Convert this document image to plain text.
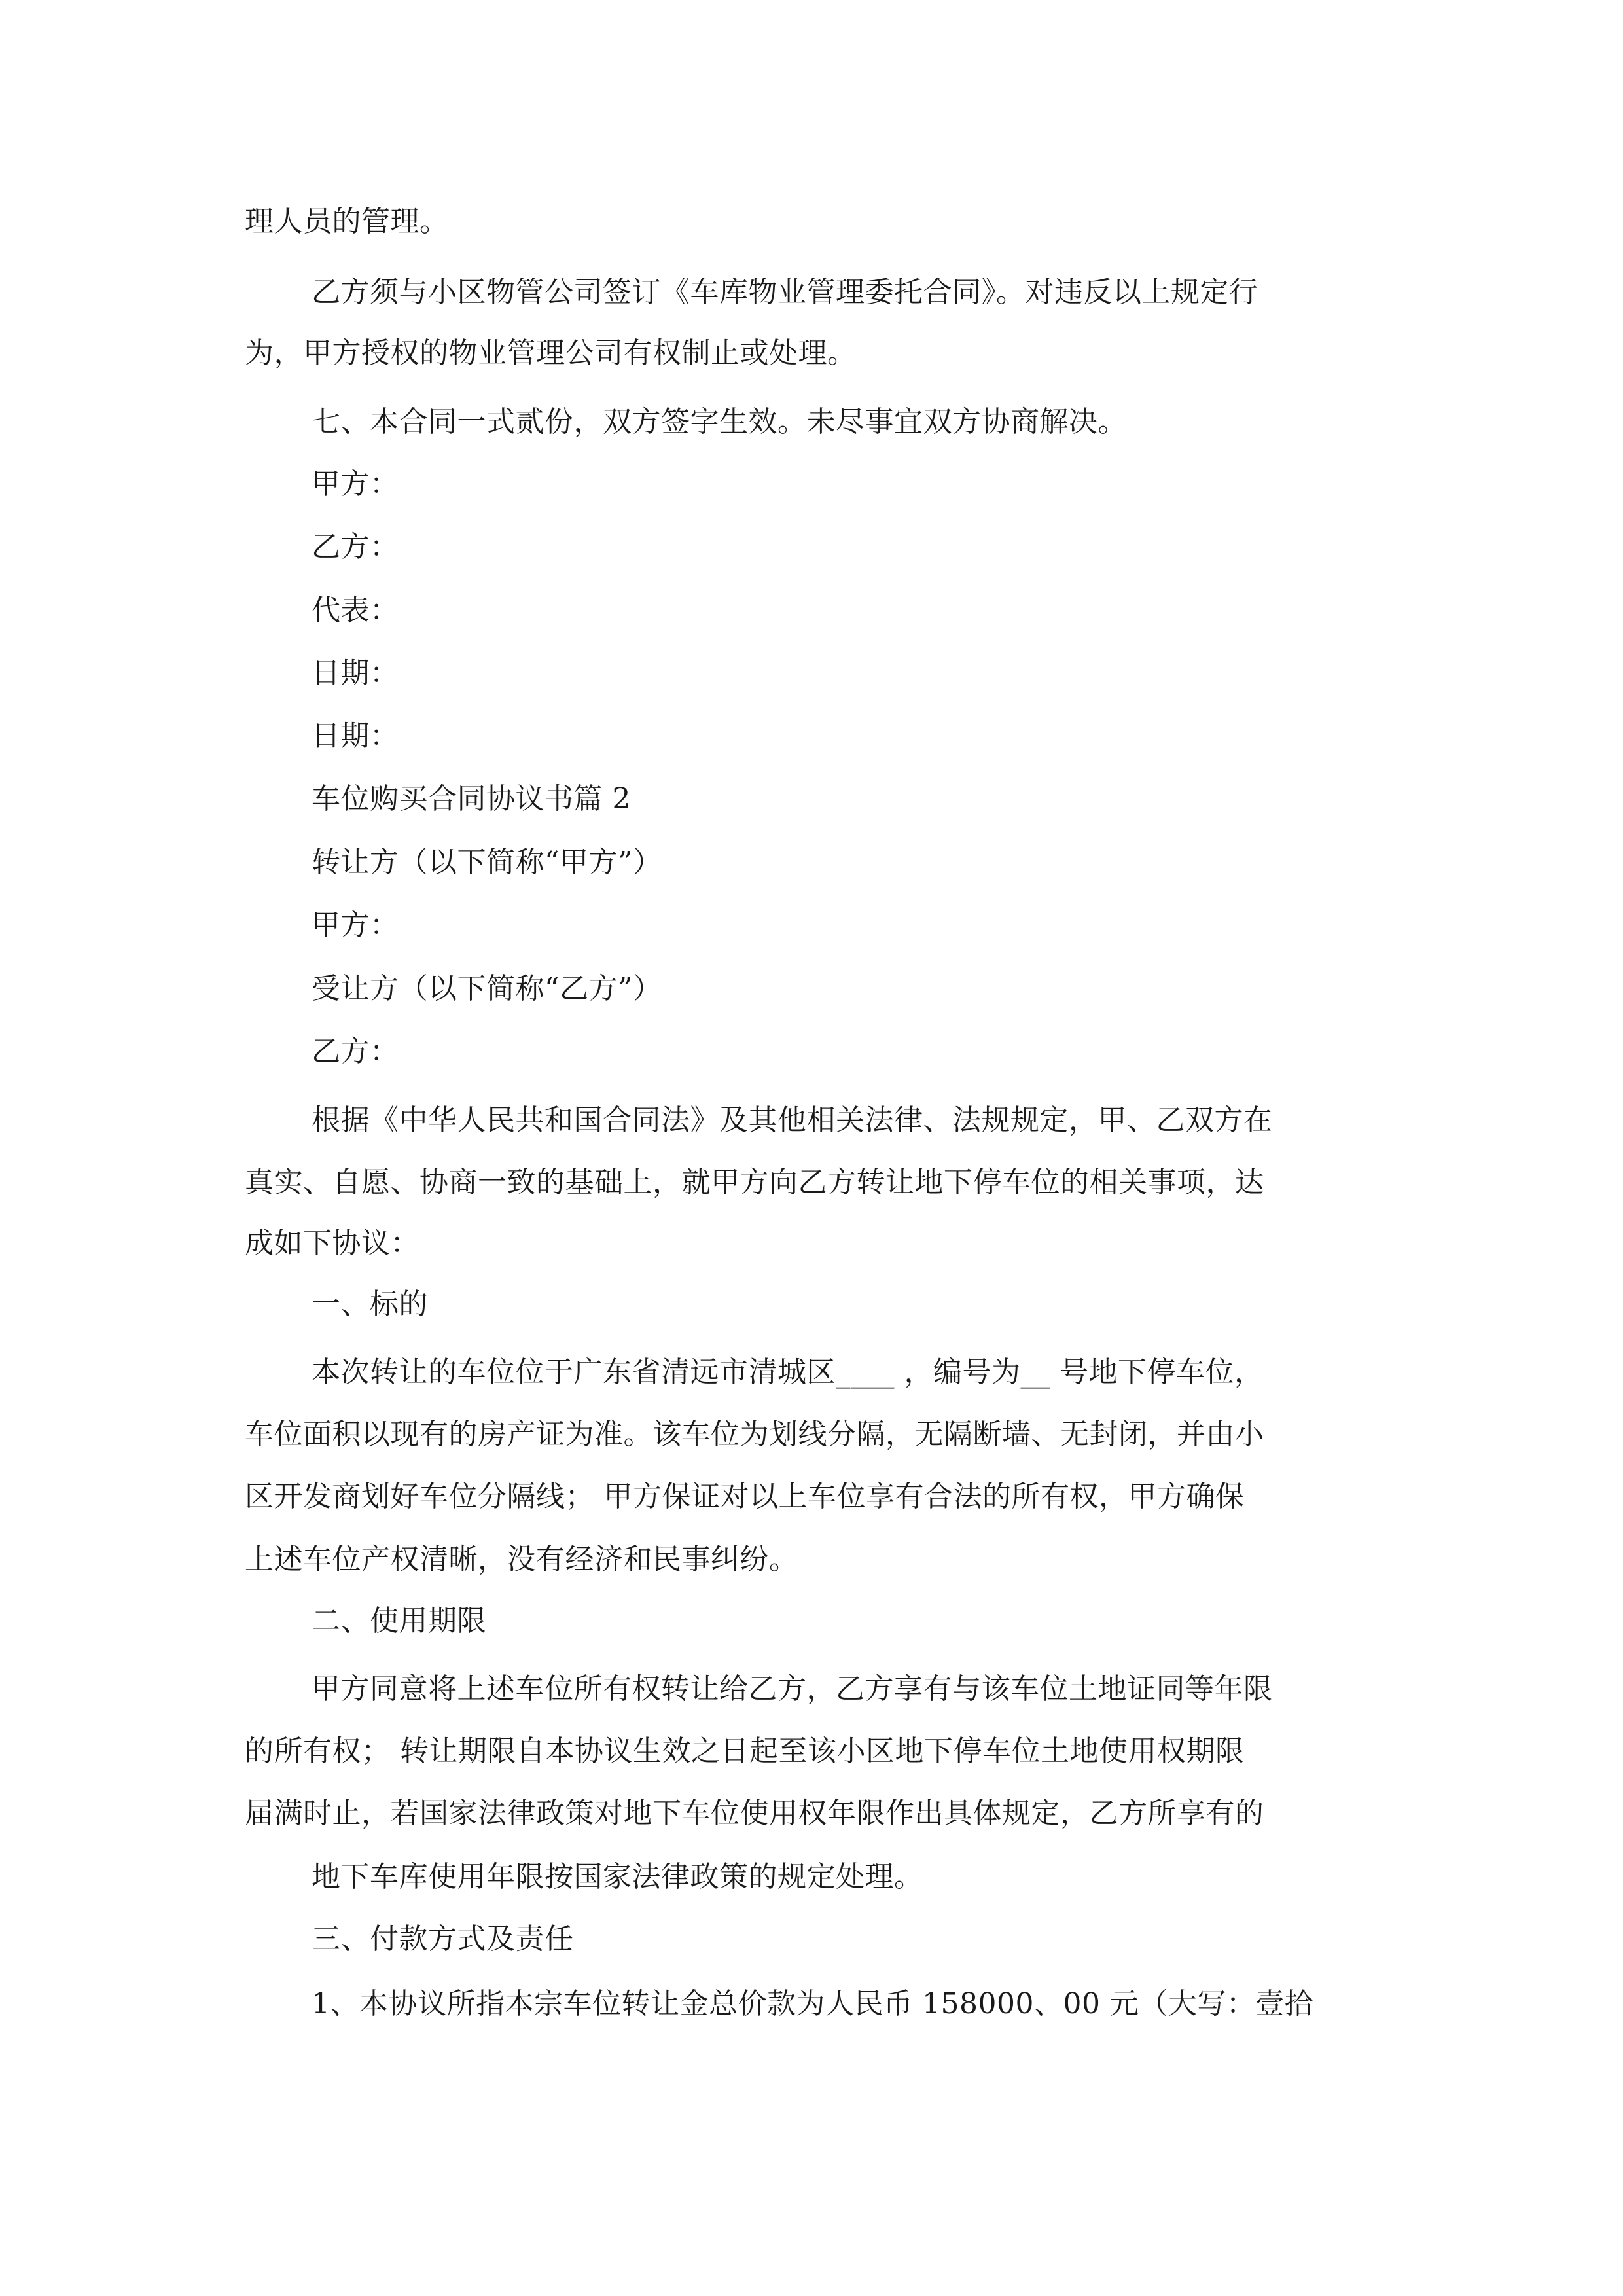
理人员的管理。
乙方须与小区物管公司签订《车库物业管理委托合同》。对违反以上规定行
为，甲方授权的物业管理公司有权制止或处理。
七、本合同一式贰份，双方签字生效。未尽事宜双方协商解决。
甲方：
乙方：
代表：
日期：
日期：
车位购买合同协议书篇 2
转让方（以下简称“甲方”）
甲方：
受让方（以下简称“乙方”）
乙方：
根据《中华人民共和国合同法》及其他相关法律、法规规定，甲、乙双方在
真实、自愿、协商一致的基础上，就甲方向乙方转让地下停车位的相关事项，达
成如下协议：
一、标的
本次转让的车位位于广东省清远市清城区____ ，编号为__ 号地下停车位，
车位面积以现有的房产证为准。该车位为划线分隔，无隔断墙、无封闭，并由小
区开发商划好车位分隔线； 甲方保证对以上车位享有合法的所有权，甲方确保
上述车位产权清晰，没有经济和民事纠纷。
二、使用期限
甲方同意将上述车位所有权转让给乙方，乙方享有与该车位土地证同等年限
的所有权； 转让期限自本协议生效之日起至该小区地下停车位土地使用权期限
届满时止，若国家法律政策对地下车位使用权年限作出具体规定，乙方所享有的
地下车库使用年限按国家法律政策的规定处理。
三、付款方式及责任
1、本协议所指本宗车位转让金总价款为人民币 158000、00 元（大写：壹拾
